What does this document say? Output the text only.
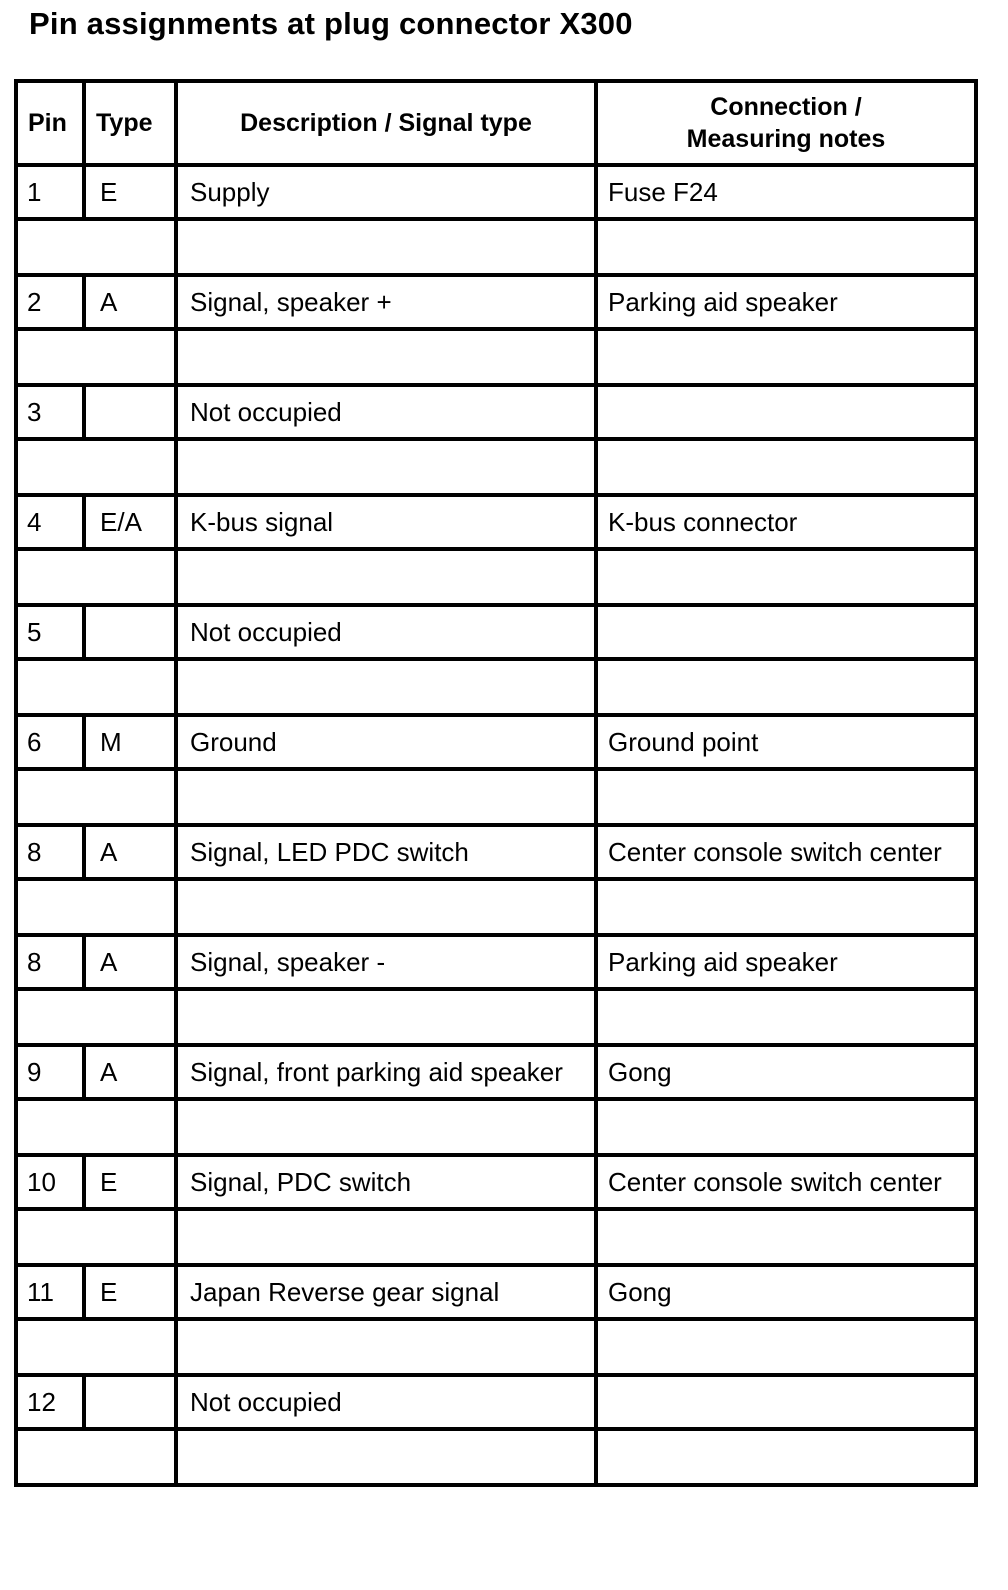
Pin assignments at plug connector X300
Pin	Type	Description / Signal type	Connection /
Measuring notes
1	E	Supply	Fuse F24

2	A	Signal, speaker +	Parking aid speaker

3		Not occupied	

4	E/A	K-bus signal	K-bus connector

5		Not occupied	

6	M	Ground	Ground point

8	A	Signal, LED PDC switch	Center console switch center

8	A	Signal, speaker -	Parking aid speaker

9	A	Signal, front parking aid speaker	Gong

10	E	Signal, PDC switch	Center console switch center

11	E	Japan Reverse gear signal	Gong

12		Not occupied	
